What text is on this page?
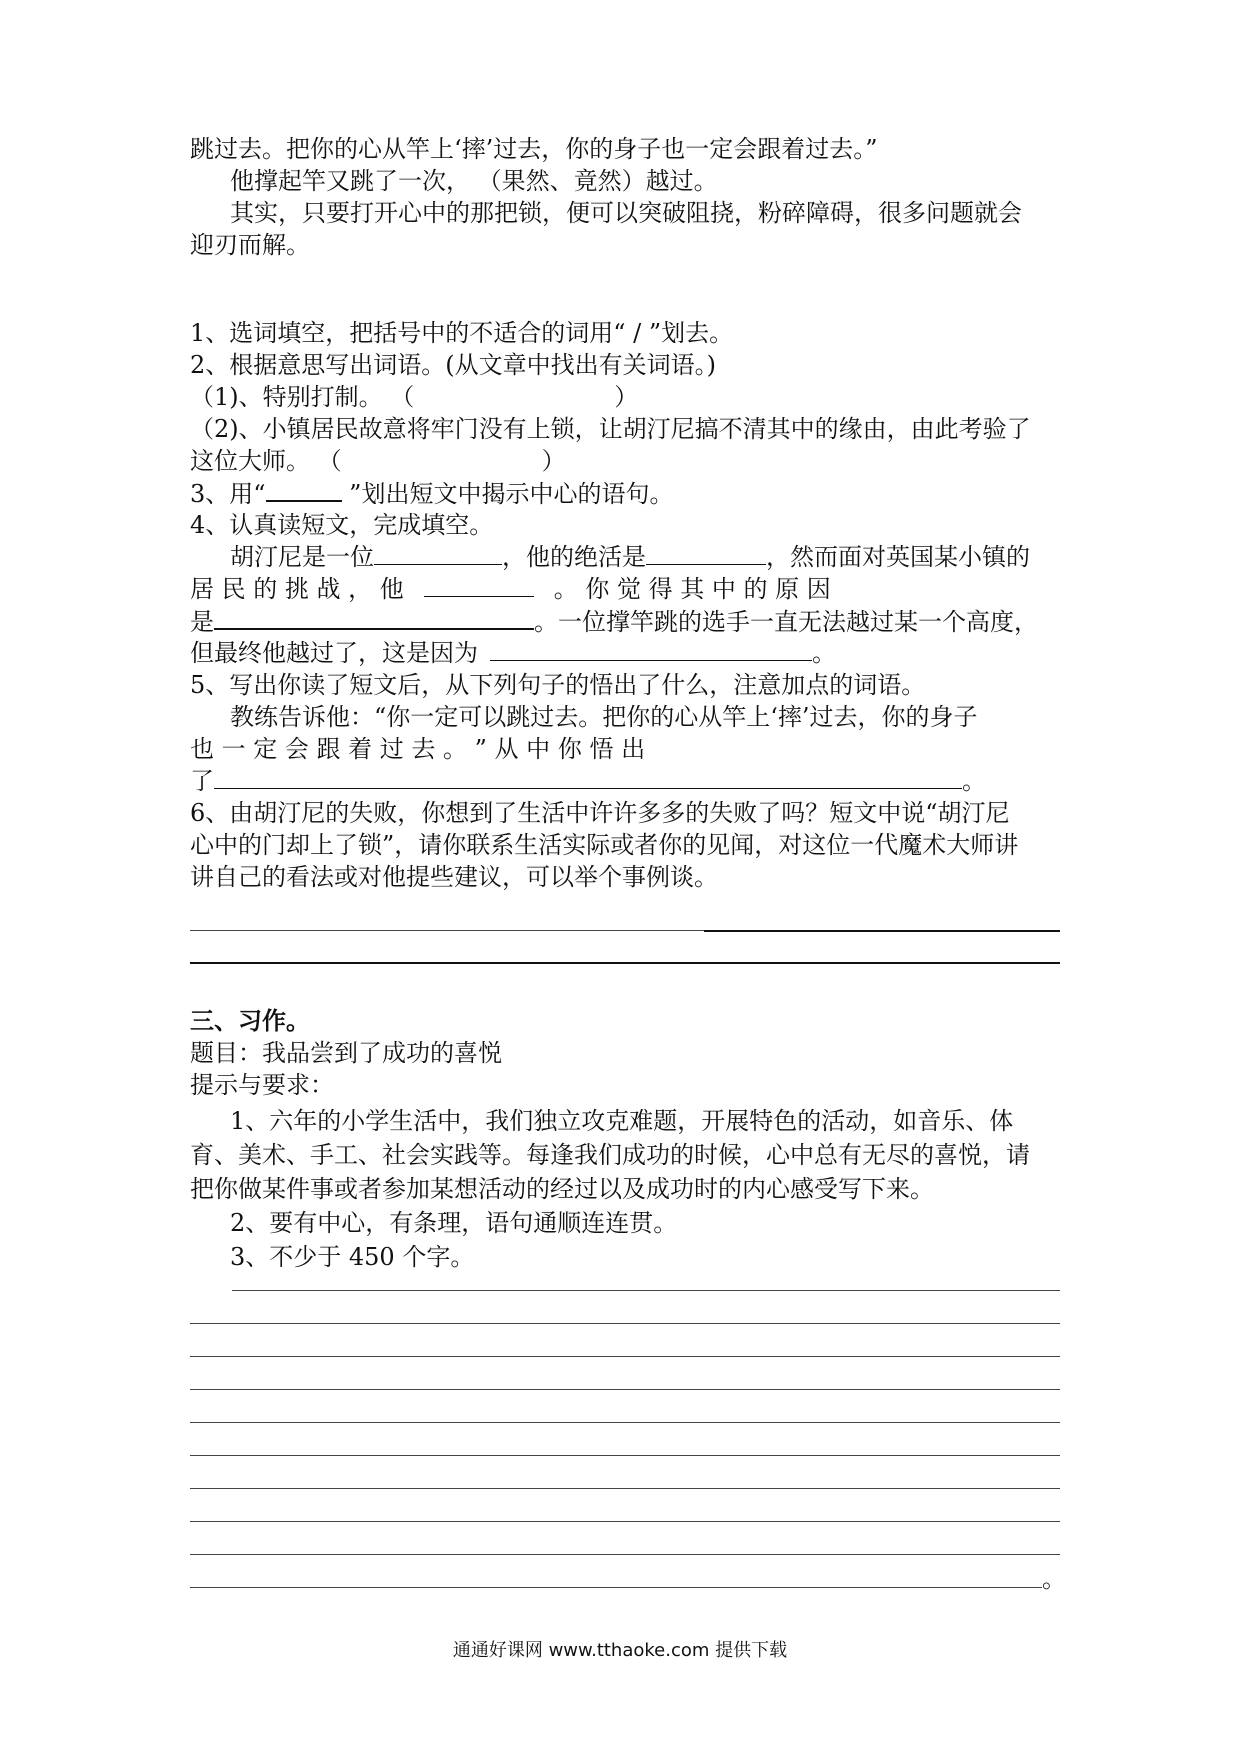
跳过去。把你的心从竿上‘摔’过去，你的身子也一定会跟着过去。”
他撑起竿又跳了一次， （果然、竟然）越过。
其实，只要打开心中的那把锁，便可以突破阻挠，粉碎障碍，很多问题就会
迎刃而解。
1、选词填空，把括号中的不适合的词用“ / ”划去。
2、根据意思写出词语。(从文章中找出有关词语。)
（1)、特别打制。 （	）
（2)、小镇居民故意将牢门没有上锁，让胡汀尼搞不清其中的缘由，由此考验了
这位大师。 （	）
3、用“	”划出短文中揭示中心的语句。
4、认真读短文，完成填空。
胡汀尼是一位	，他的绝活是	，然而面对英国某小镇的
居 民 的 挑 战 ， 他	。 你 觉 得 其 中 的 原 因
是	。一位撑竿跳的选手一直无法越过某一个高度，
但最终他越过了，这是因为	。
5、写出你读了短文后，从下列句子的悟出了什么，注意加点的词语。
教练告诉他：“你一定可以跳过去。把你的心从竿上‘摔’过去，你的身子
也 一 定 会 跟 着 过 去 。 ” 从 中 你 悟 出
了	。
6、由胡汀尼的失败，你想到了生活中许许多多的失败了吗？短文中说“胡汀尼
心中的门却上了锁”，请你联系生活实际或者你的见闻，对这位一代魔术大师讲
讲自己的看法或对他提些建议，可以举个事例谈。
三、习作。
题目：我品尝到了成功的喜悦
提示与要求：
1、六年的小学生活中，我们独立攻克难题，开展特色的活动，如音乐、体
育、美术、手工、社会实践等。每逢我们成功的时候，心中总有无尽的喜悦，请
把你做某件事或者参加某想活动的经过以及成功时的内心感受写下来。
2、要有中心，有条理，语句通顺连连贯。
3、不少于 450 个字。
。
通通好课网 www.tthaoke.com 提供下载
